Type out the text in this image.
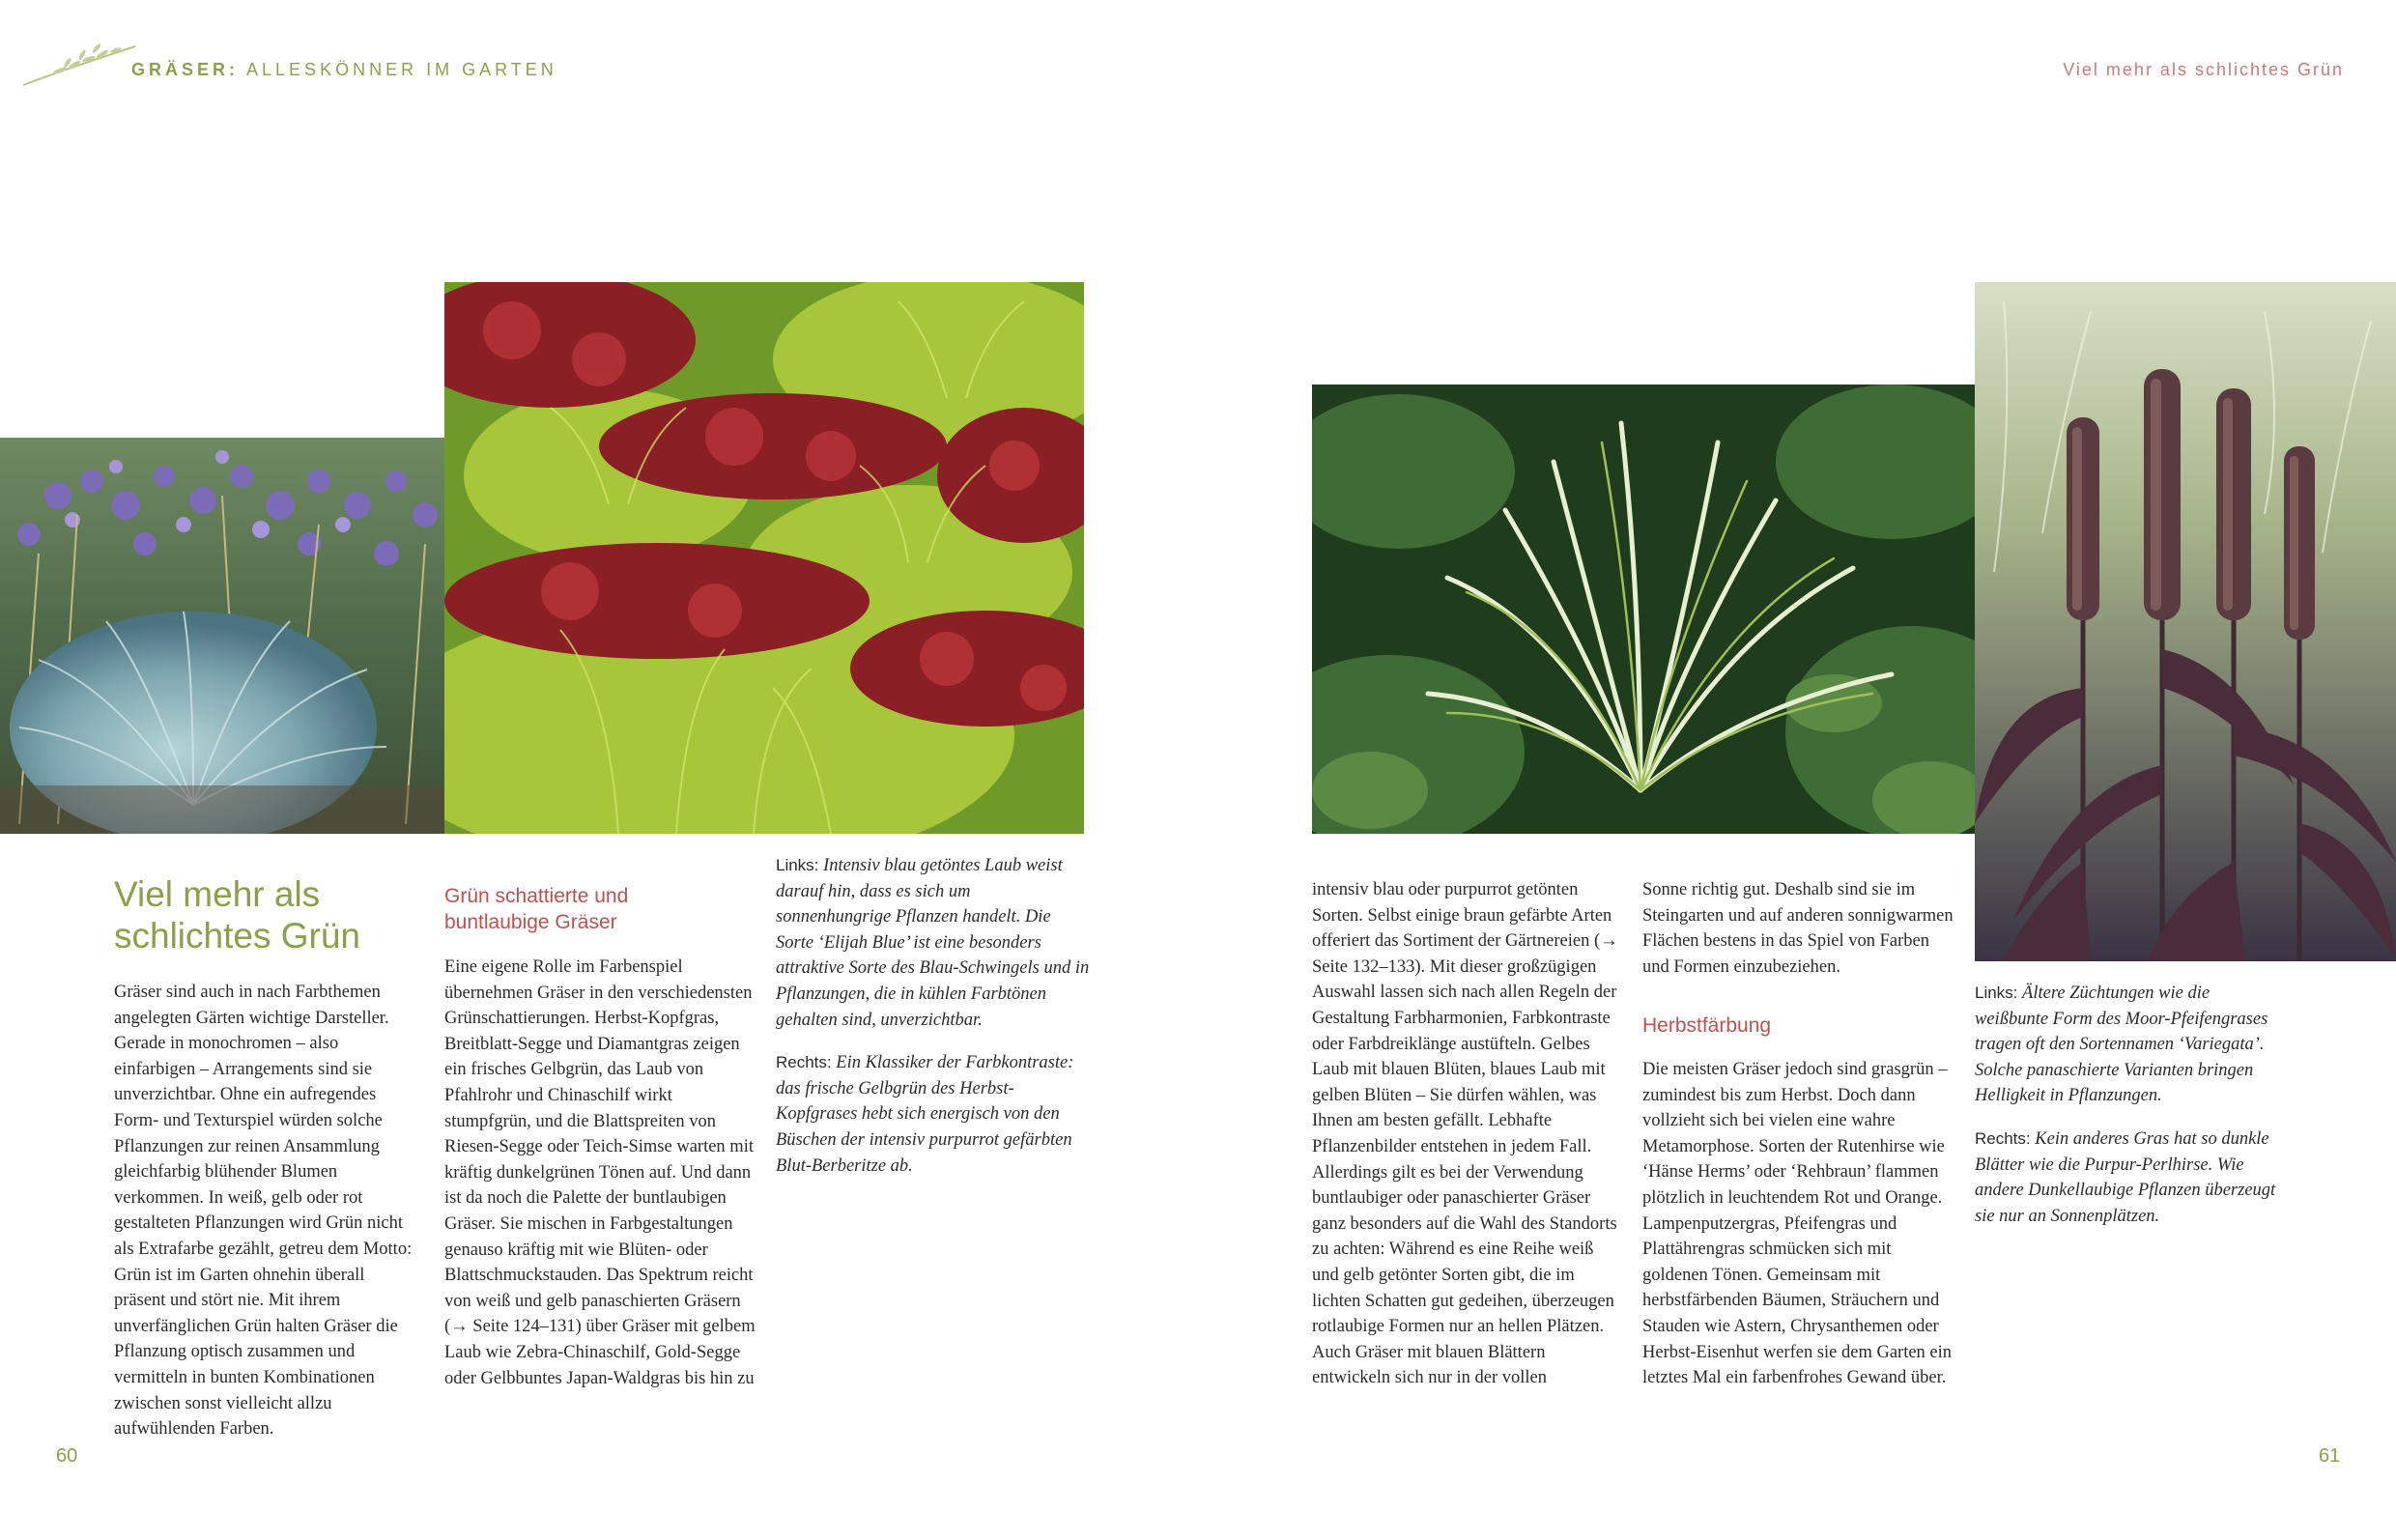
GRÄSER: ALLESKÖNNER IM GARTEN	Viel mehr als schlichtes Grün
Viel mehr als schlichtes Grün

Gräser sind auch in nach Farbthemen angelegten Gärten wichtige Darsteller. Gerade in monochromen – also einfarbigen – Arrangements sind sie unverzichtbar. Ohne ein aufregendes Form- und Texturspiel würden solche Pflanzungen zur reinen Ansammlung gleichfarbig blühender Blumen verkommen. In weiß, gelb oder rot gestalteten Pflanzungen wird Grün nicht als Extrafarbe gezählt, getreu dem Motto: Grün ist im Garten ohnehin überall präsent und stört nie. Mit ihrem unverfänglichen Grün halten Gräser die Pflanzung optisch zusammen und vermitteln in bunten Kombinationen zwischen sonst vielleicht allzu aufwühlenden Farben.

Grün schattierte und buntlaubige Gräser

Eine eigene Rolle im Farbenspiel übernehmen Gräser in den verschiedensten Grünschattierungen. Herbst-Kopfgras, Breitblatt-Segge und Diamantgras zeigen ein frisches Gelbgrün, das Laub von Pfahlrohr und Chinaschilf wirkt stumpfgrün, und die Blattspreiten von Riesen-Segge oder Teich-Simse warten mit kräftig dunkelgrünen Tönen auf. Und dann ist da noch die Palette der buntlaubigen Gräser. Sie mischen in Farbgestaltungen genauso kräftig mit wie Blüten- oder Blattschmuckstauden. Das Spektrum reicht von weiß und gelb panaschierten Gräsern (→ Seite 124–131) über Gräser mit gelbem Laub wie Zebra-Chinaschilf, Gold-Segge oder Gelbbuntes Japan-Waldgras bis hin zu

Links: Intensiv blau getöntes Laub weist darauf hin, dass es sich um sonnenhungrige Pflanzen handelt. Die Sorte ‘Elijah Blue’ ist eine besonders attraktive Sorte des Blau-Schwingels und in Pflanzungen, die in kühlen Farbtönen gehalten sind, unverzichtbar.

Rechts: Ein Klassiker der Farbkontraste: das frische Gelbgrün des Herbst-Kopfgrases hebt sich energisch von den Büschen der intensiv purpurrot gefärbten Blut-Berberitze ab.

60

intensiv blau oder purpurrot getönten Sorten. Selbst einige braun gefärbte Arten offeriert das Sortiment der Gärtnereien (→ Seite 132–133). Mit dieser großzügigen Auswahl lassen sich nach allen Regeln der Gestaltung Farbharmonien, Farbkontraste oder Farbdreiklänge austüfteln. Gelbes Laub mit blauen Blüten, blaues Laub mit gelben Blüten – Sie dürfen wählen, was Ihnen am besten gefällt. Lebhafte Pflanzenbilder entstehen in jedem Fall. Allerdings gilt es bei der Verwendung buntlaubiger oder panaschierter Gräser ganz besonders auf die Wahl des Standorts zu achten: Während es eine Reihe weiß und gelb getönter Sorten gibt, die im lichten Schatten gut gedeihen, überzeugen rotlaubige Formen nur an hellen Plätzen. Auch Gräser mit blauen Blättern entwickeln sich nur in der vollen

Sonne richtig gut. Deshalb sind sie im Steingarten und auf anderen sonnigwarmen Flächen bestens in das Spiel von Farben und Formen einzubeziehen.

Herbstfärbung

Die meisten Gräser jedoch sind grasgrün – zumindest bis zum Herbst. Doch dann vollzieht sich bei vielen eine wahre Metamorphose. Sorten der Rutenhirse wie ‘Hänse Herms’ oder ‘Rehbraun’ flammen plötzlich in leuchtendem Rot und Orange. Lampenputzergras, Pfeifengras und Plattährengras schmücken sich mit goldenen Tönen. Gemeinsam mit herbstfärbenden Bäumen, Sträuchern und Stauden wie Astern, Chrysanthemen oder Herbst-Eisenhut werfen sie dem Garten ein letztes Mal ein farbenfrohes Gewand über.

Links: Ältere Züchtungen wie die weißbunte Form des Moor-Pfeifengrases tragen oft den Sortennamen ‘Variegata’. Solche panaschierte Varianten bringen Helligkeit in Pflanzungen.

Rechts: Kein anderes Gras hat so dunkle Blätter wie die Purpur-Perlhirse. Wie andere Dunkellaubige Pflanzen überzeugt sie nur an Sonnenplätzen.

61
